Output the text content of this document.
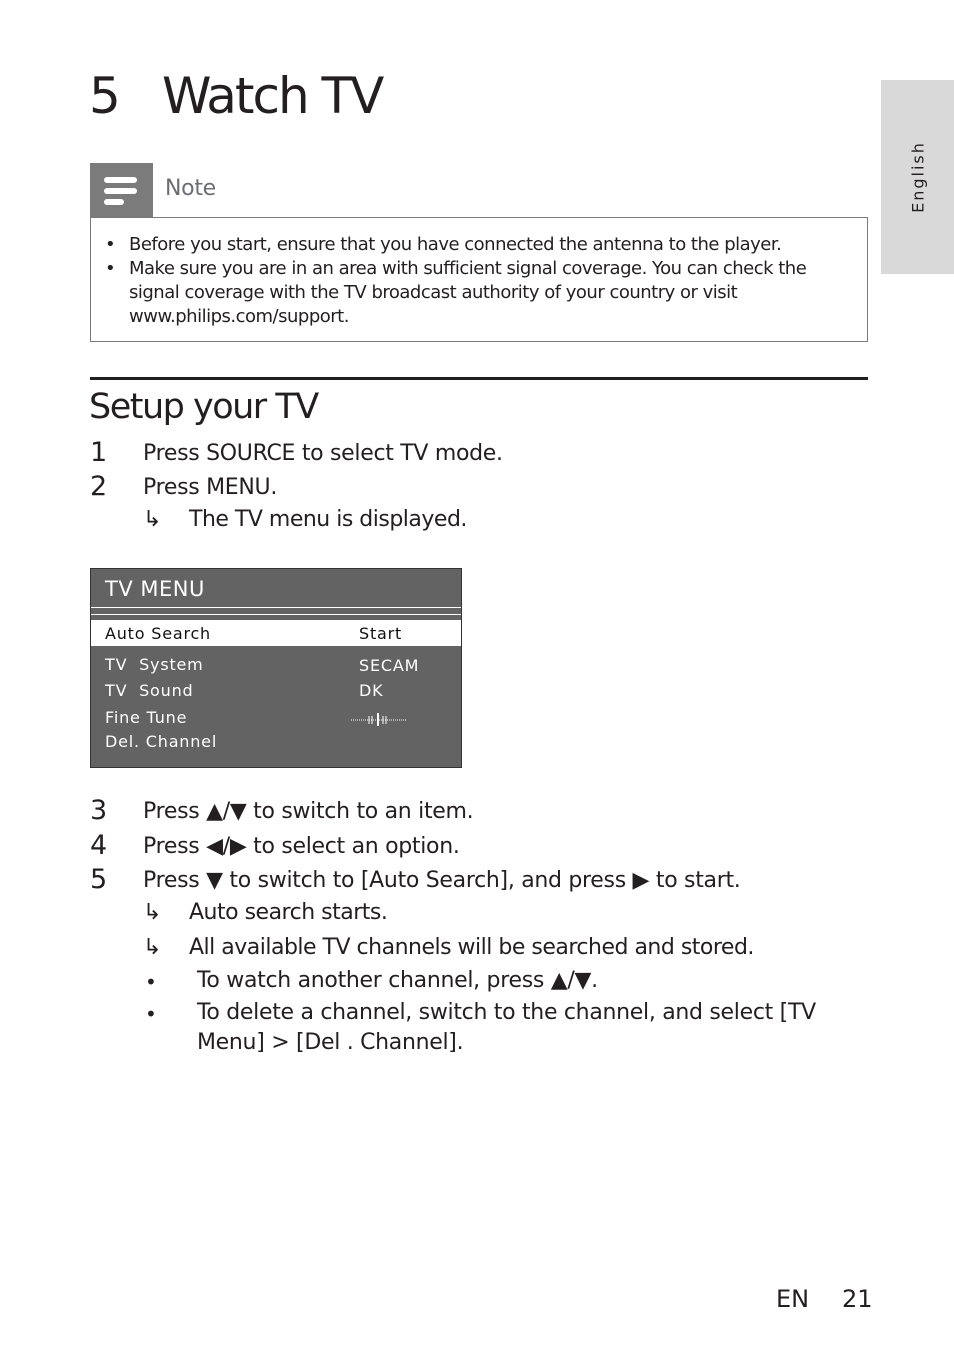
5 Watch TV
English
Note
• Before you start, ensure that you have connected the antenna to the player.
• Make sure you are in an area with sufficient signal coverage. You can check the signal coverage with the TV broadcast authority of your country or visit www.philips.com/support.
Setup your TV
1 Press SOURCE to select TV mode.
2 Press MENU.
↳ The TV menu is displayed.
TV MENU
Auto Search	Start
TV  System	SECAM
TV  Sound	DK
Fine Tune
Del. Channel
3 Press ▲/▼ to switch to an item.
4 Press ◀/▶ to select an option.
5 Press ▼ to switch to [Auto Search], and press ▶ to start.
↳ Auto search starts.
↳ All available TV channels will be searched and stored.
• To watch another channel, press ▲/▼.
• To delete a channel, switch to the channel, and select [TV Menu] > [Del . Channel].
EN 21
